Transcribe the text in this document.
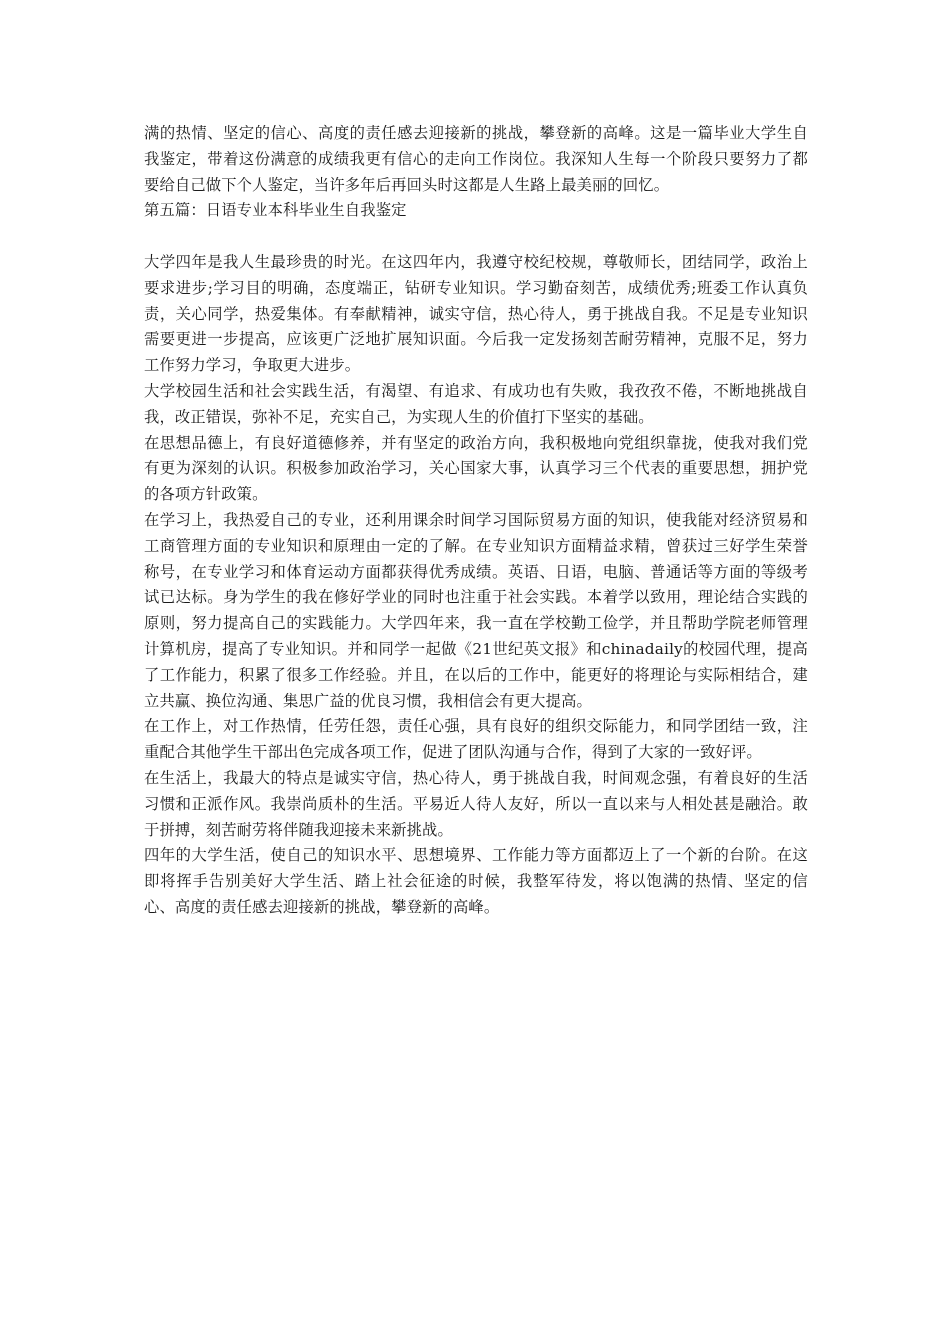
满的热情、坚定的信心、高度的责任感去迎接新的挑战，攀登新的高峰。这是一篇毕业大学生自我鉴定，带着这份满意的成绩我更有信心的走向工作岗位。我深知人生每一个阶段只要努力了都要给自己做下个人鉴定，当许多年后再回头时这都是人生路上最美丽的回忆。

第五篇：日语专业本科毕业生自我鉴定

大学四年是我人生最珍贵的时光。在这四年内，我遵守校纪校规，尊敬师长，团结同学，政治上要求进步;学习目的明确，态度端正，钻研专业知识。学习勤奋刻苦，成绩优秀;班委工作认真负责，关心同学，热爱集体。有奉献精神，诚实守信，热心待人，勇于挑战自我。不足是专业知识需要更进一步提高，应该更广泛地扩展知识面。今后我一定发扬刻苦耐劳精神，克服不足，努力工作努力学习，争取更大进步。

大学校园生活和社会实践生活，有渴望、有追求、有成功也有失败，我孜孜不倦，不断地挑战自我，改正错误，弥补不足，充实自己，为实现人生的价值打下坚实的基础。

在思想品德上，有良好道德修养，并有坚定的政治方向，我积极地向党组织靠拢，使我对我们党有更为深刻的认识。积极参加政治学习，关心国家大事，认真学习三个代表的重要思想，拥护党的各项方针政策。

在学习上，我热爱自己的专业，还利用课余时间学习国际贸易方面的知识，使我能对经济贸易和工商管理方面的专业知识和原理由一定的了解。在专业知识方面精益求精，曾获过三好学生荣誉称号，在专业学习和体育运动方面都获得优秀成绩。英语、日语，电脑、普通话等方面的等级考试已达标。身为学生的我在修好学业的同时也注重于社会实践。本着学以致用，理论结合实践的原则，努力提高自己的实践能力。大学四年来，我一直在学校勤工俭学，并且帮助学院老师管理计算机房，提高了专业知识。并和同学一起做《21世纪英文报》和chinadaily的校园代理，提高了工作能力，积累了很多工作经验。并且，在以后的工作中，能更好的将理论与实际相结合，建立共赢、换位沟通、集思广益的优良习惯，我相信会有更大提高。

在工作上，对工作热情，任劳任怨，责任心强，具有良好的组织交际能力，和同学团结一致，注重配合其他学生干部出色完成各项工作，促进了团队沟通与合作，得到了大家的一致好评。

在生活上，我最大的特点是诚实守信，热心待人，勇于挑战自我，时间观念强，有着良好的生活习惯和正派作风。我崇尚质朴的生活。平易近人待人友好，所以一直以来与人相处甚是融洽。敢于拼搏，刻苦耐劳将伴随我迎接未来新挑战。

四年的大学生活，使自己的知识水平、思想境界、工作能力等方面都迈上了一个新的台阶。在这即将挥手告别美好大学生活、踏上社会征途的时候，我整军待发，将以饱满的热情、坚定的信心、高度的责任感去迎接新的挑战，攀登新的高峰。
